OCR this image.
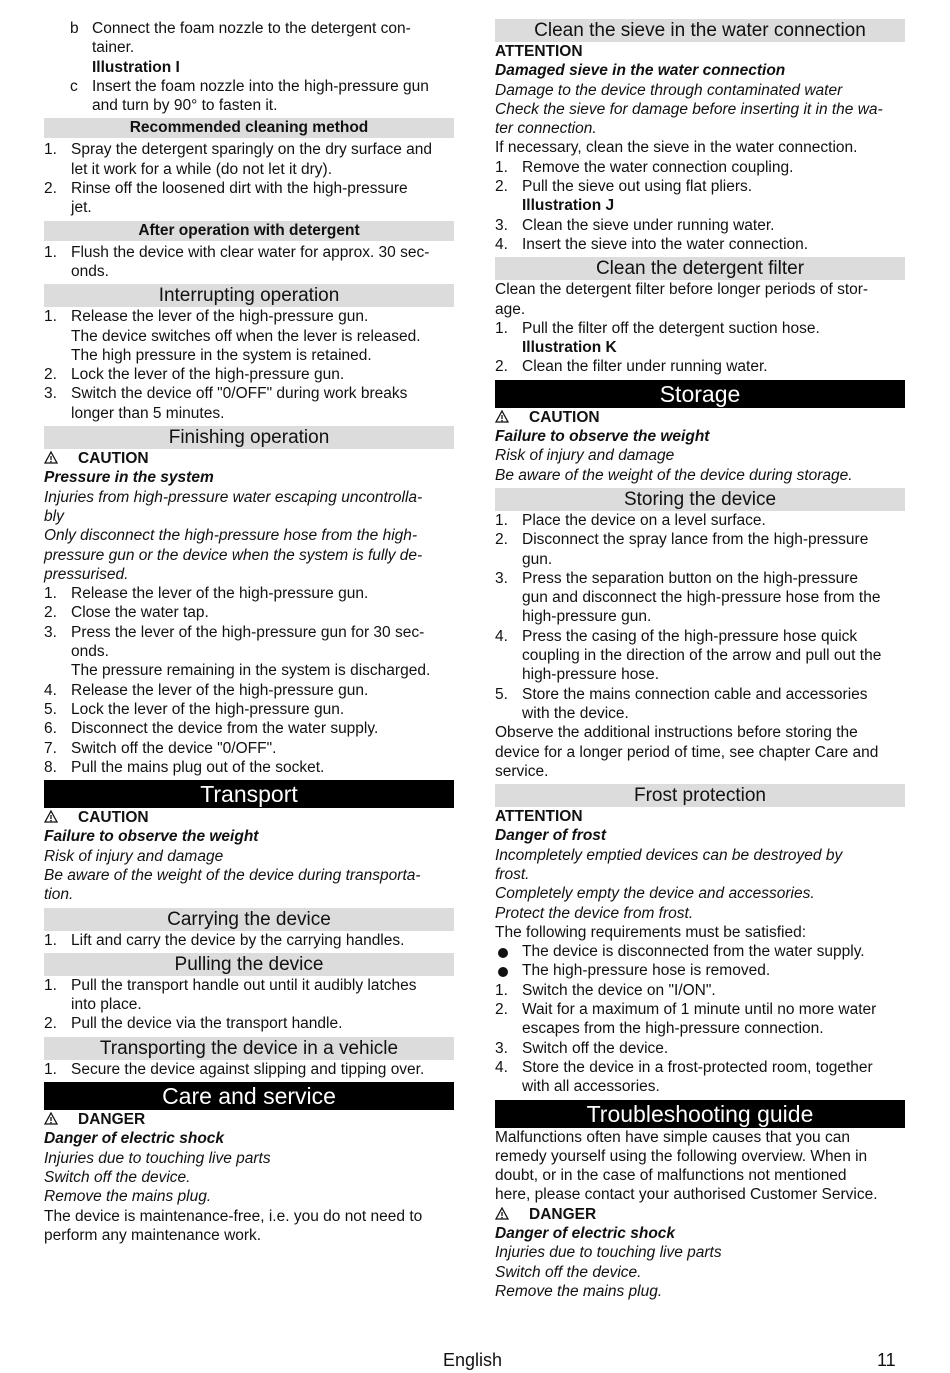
b Connect the foam nozzle to the detergent con-
tainer.
Illustration I
c Insert the foam nozzle into the high-pressure gun
and turn by 90° to fasten it.
Recommended cleaning method
1. Spray the detergent sparingly on the dry surface and
let it work for a while (do not let it dry).
2. Rinse off the loosened dirt with the high-pressure
jet.
After operation with detergent
1. Flush the device with clear water for approx. 30 sec-
onds.
Interrupting operation
1. Release the lever of the high-pressure gun.
The device switches off when the lever is released.
The high pressure in the system is retained.
2. Lock the lever of the high-pressure gun.
3. Switch the device off "0/OFF" during work breaks
longer than 5 minutes.
Finishing operation
CAUTION
Pressure in the system
Injuries from high-pressure water escaping uncontrolla-
bly
Only disconnect the high-pressure hose from the high-
pressure gun or the device when the system is fully de-
pressurised.
1. Release the lever of the high-pressure gun.
2. Close the water tap.
3. Press the lever of the high-pressure gun for 30 sec-
onds.
The pressure remaining in the system is discharged.
4. Release the lever of the high-pressure gun.
5. Lock the lever of the high-pressure gun.
6. Disconnect the device from the water supply.
7. Switch off the device "0/OFF".
8. Pull the mains plug out of the socket.
Transport
CAUTION
Failure to observe the weight
Risk of injury and damage
Be aware of the weight of the device during transporta-
tion.
Carrying the device
1. Lift and carry the device by the carrying handles.
Pulling the device
1. Pull the transport handle out until it audibly latches
into place.
2. Pull the device via the transport handle.
Transporting the device in a vehicle
1. Secure the device against slipping and tipping over.
Care and service
DANGER
Danger of electric shock
Injuries due to touching live parts
Switch off the device.
Remove the mains plug.
The device is maintenance-free, i.e. you do not need to
perform any maintenance work.
Clean the sieve in the water connection
ATTENTION
Damaged sieve in the water connection
Damage to the device through contaminated water
Check the sieve for damage before inserting it in the wa-
ter connection.
If necessary, clean the sieve in the water connection.
1. Remove the water connection coupling.
2. Pull the sieve out using flat pliers.
Illustration J
3. Clean the sieve under running water.
4. Insert the sieve into the water connection.
Clean the detergent filter
Clean the detergent filter before longer periods of stor-
age.
1. Pull the filter off the detergent suction hose.
Illustration K
2. Clean the filter under running water.
Storage
CAUTION
Failure to observe the weight
Risk of injury and damage
Be aware of the weight of the device during storage.
Storing the device
1. Place the device on a level surface.
2. Disconnect the spray lance from the high-pressure
gun.
3. Press the separation button on the high-pressure
gun and disconnect the high-pressure hose from the
high-pressure gun.
4. Press the casing of the high-pressure hose quick
coupling in the direction of the arrow and pull out the
high-pressure hose.
5. Store the mains connection cable and accessories
with the device.
Observe the additional instructions before storing the
device for a longer period of time, see chapter Care and
service.
Frost protection
ATTENTION
Danger of frost
Incompletely emptied devices can be destroyed by
frost.
Completely empty the device and accessories.
Protect the device from frost.
The following requirements must be satisfied:
The device is disconnected from the water supply.
The high-pressure hose is removed.
1. Switch the device on "I/ON".
2. Wait for a maximum of 1 minute until no more water
escapes from the high-pressure connection.
3. Switch off the device.
4. Store the device in a frost-protected room, together
with all accessories.
Troubleshooting guide
Malfunctions often have simple causes that you can
remedy yourself using the following overview. When in
doubt, or in the case of malfunctions not mentioned
here, please contact your authorised Customer Service.
DANGER
Danger of electric shock
Injuries due to touching live parts
Switch off the device.
Remove the mains plug.
English	11
